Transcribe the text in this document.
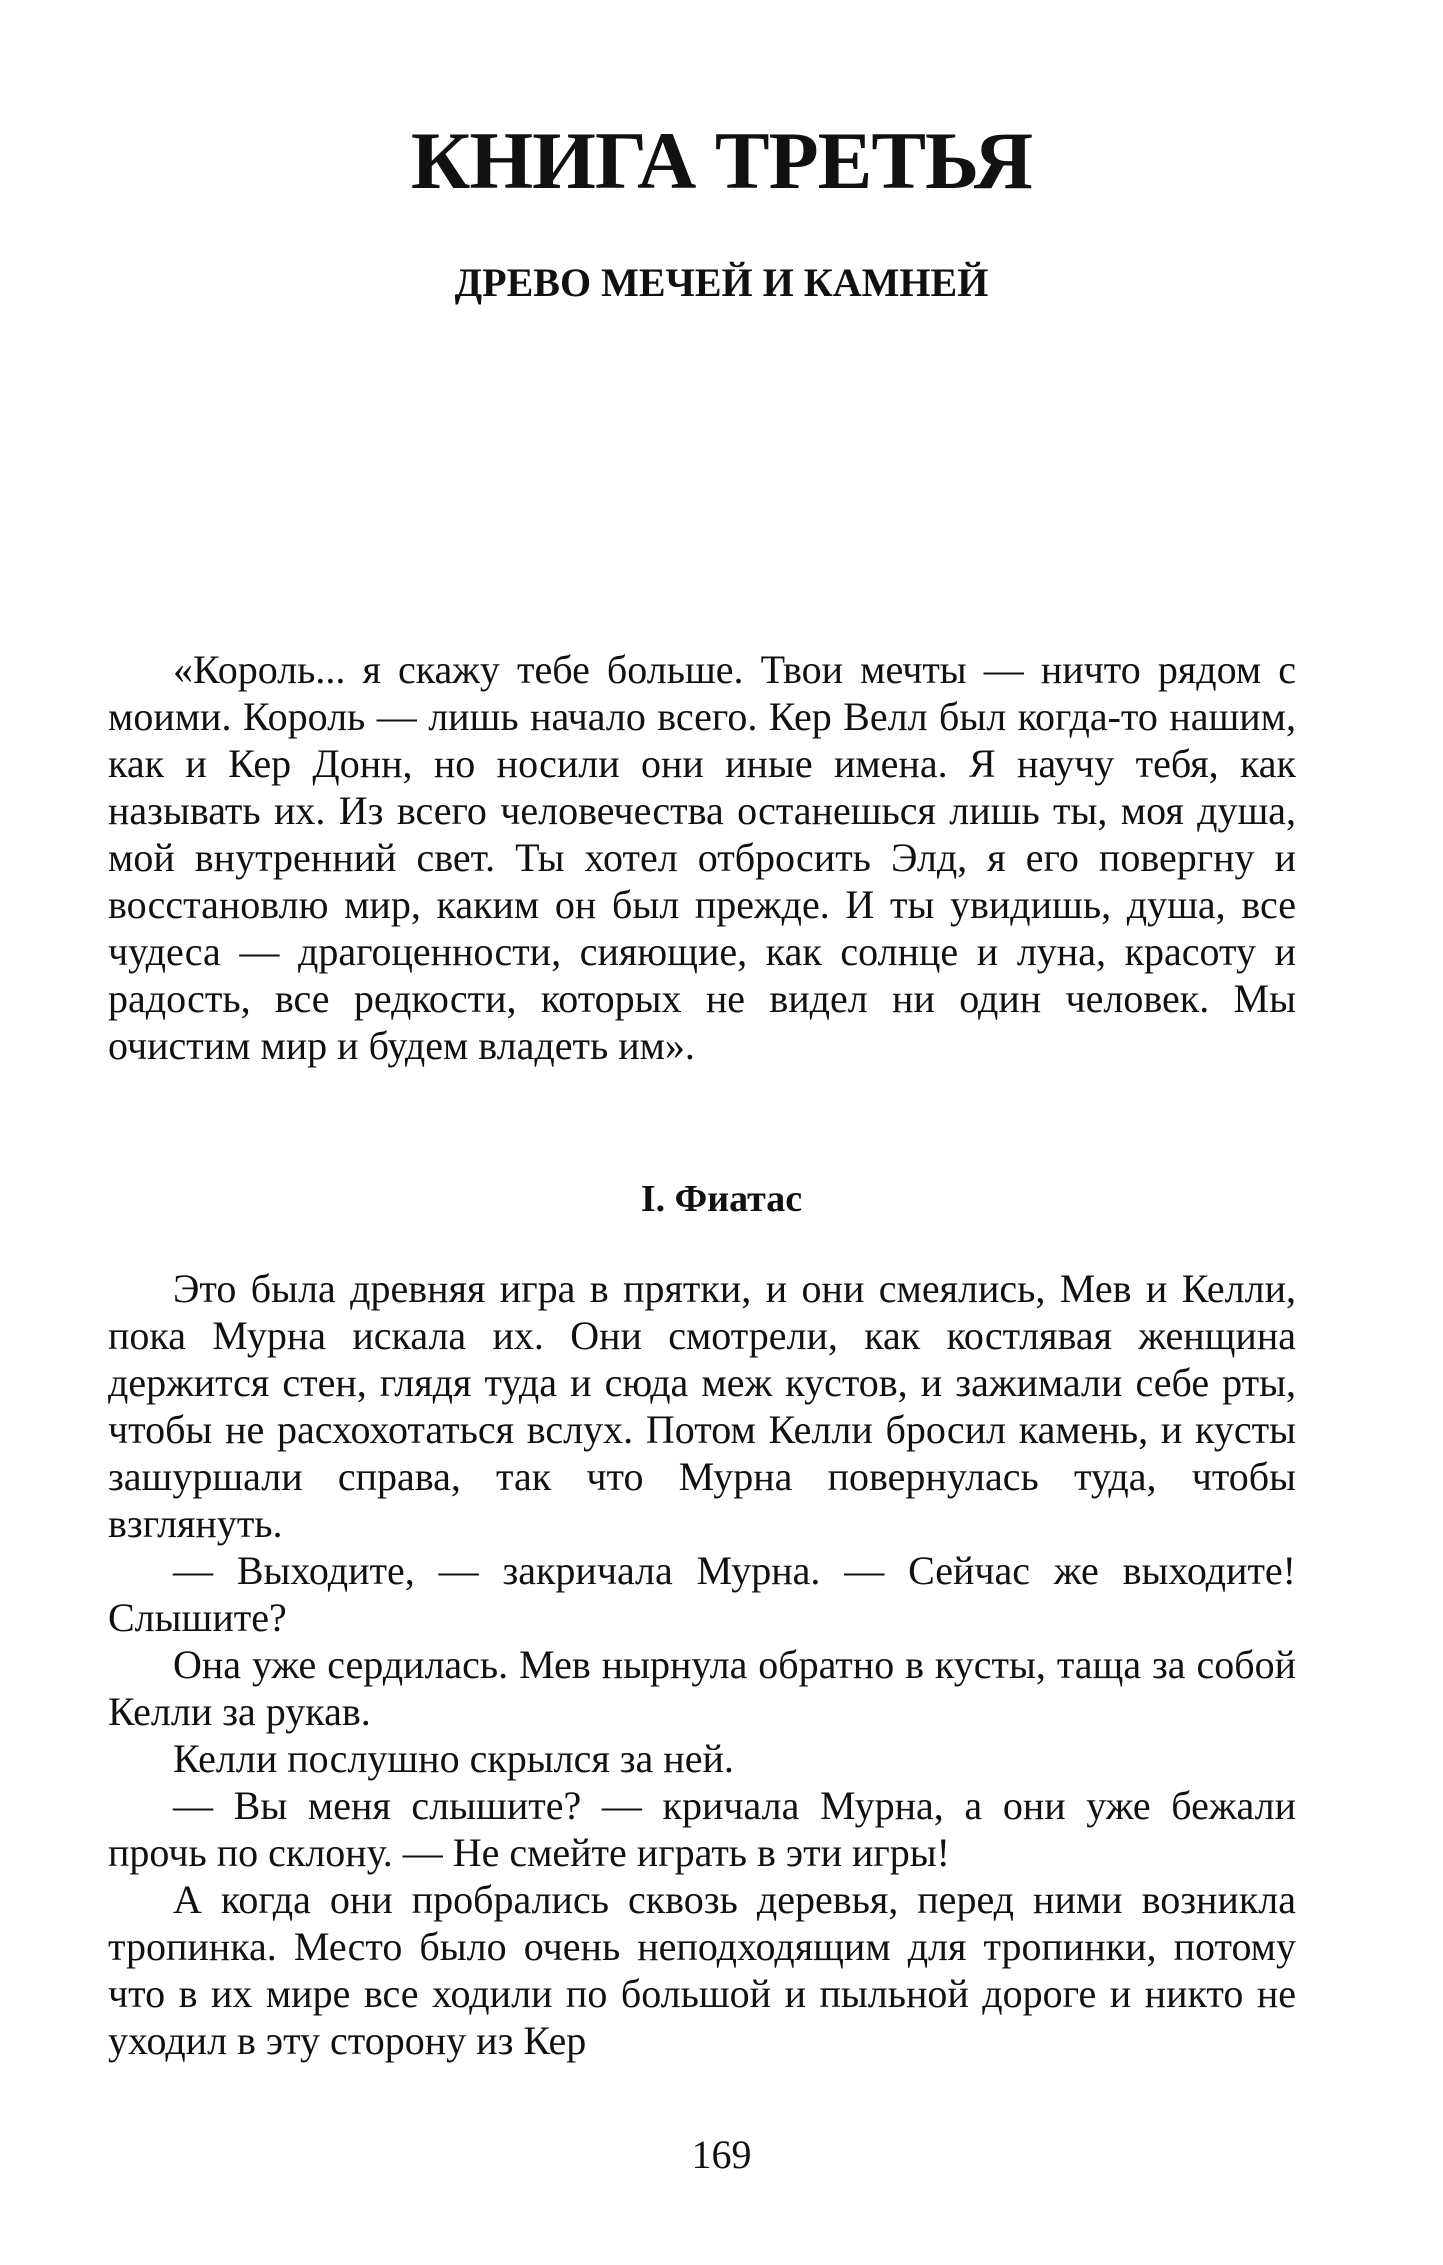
КНИГА ТРЕТЬЯ
ДРЕВО МЕЧЕЙ И КАМНЕЙ

«Король... я скажу тебе больше. Твои мечты — ничто рядом с моими. Король — лишь начало всего. Кер Велл был когда-то нашим, как и Кер Донн, но носили они иные имена. Я научу тебя, как называть их. Из всего человечества останешься лишь ты, моя душа, мой внутренний свет. Ты хотел отбросить Элд, я его повергну и восстановлю мир, каким он был прежде. И ты увидишь, душа, все чудеса — драгоценности, сияющие, как солнце и луна, красоту и радость, все редкости, которых не видел ни один человек. Мы очистим мир и будем владеть им».

I. Фиатас

Это была древняя игра в прятки, и они смеялись, Мев и Келли, пока Мурна искала их. Они смотрели, как костлявая женщина держится стен, глядя туда и сюда меж кустов, и зажимали себе рты, чтобы не расхохотаться вслух. Потом Келли бросил камень, и кусты зашуршали справа, так что Мурна повернулась туда, чтобы взглянуть.

— Выходите, — закричала Мурна. — Сейчас же выходите! Слышите?

Она уже сердилась. Мев нырнула обратно в кусты, таща за собой Келли за рукав.

Келли послушно скрылся за ней.

— Вы меня слышите? — кричала Мурна, а они уже бежали прочь по склону. — Не смейте играть в эти игры!

А когда они пробрались сквозь деревья, перед ними возникла тропинка. Место было очень неподходящим для тропинки, потому что в их мире все ходили по большой и пыльной дороге и никто не уходил в эту сторону из Кер

169
